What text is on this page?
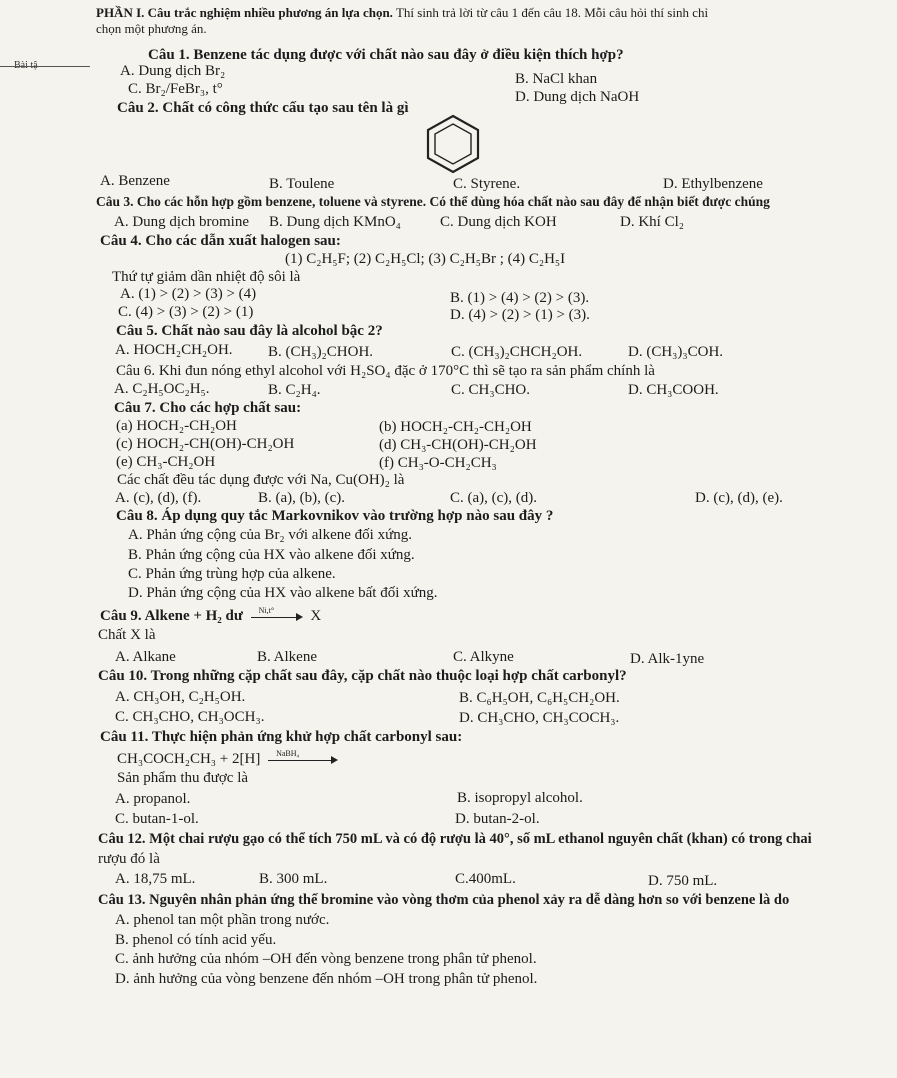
PHẦN I. Câu trắc nghiệm nhiều phương án lựa chọn. Thí sinh trả lời từ câu 1 đến câu 18. Mỗi câu hỏi thí sinh chỉ
chọn một phương án.
Bài tậ
Câu 1. Benzene tác dụng được với chất nào sau đây ở điều kiện thích hợp?
A. Dung dịch Br₂	B. NaCl khan
C. Br₂/FeBr₃, t°	D. Dung dịch NaOH
Câu 2. Chất có công thức cấu tạo sau tên là gì
A. Benzene	B. Toulene	C. Styrene.	D. Ethylbenzene
Câu 3. Cho các hỗn hợp gồm benzene, toluene và styrene. Có thể dùng hóa chất nào sau đây để nhận biết được chúng
A. Dung dịch bromine B. Dung dịch KMnO₄	C. Dung dịch KOH	D. Khí Cl₂
Câu 4. Cho các dẫn xuất halogen sau:
(1) C₂H₅F; (2) C₂H₅Cl; (3) C₂H₅Br ; (4) C₂H₅I
Thứ tự giảm dần nhiệt độ sôi là
A. (1) > (2) > (3) > (4)	B. (1) > (4) > (2) > (3).
C. (4) > (3) > (2) > (1)	D. (4) > (2) > (1) > (3).
Câu 5. Chất nào sau đây là alcohol bậc 2?
A. HOCH₂CH₂OH. B. (CH₃)₂CHOH.	C. (CH₃)₂CHCH₂OH.	D. (CH₃)₃COH.
Câu 6. Khi đun nóng ethyl alcohol với H₂SO₄ đặc ở 170°C thì sẽ tạo ra sản phẩm chính là
A. C₂H₅OC₂H₅.	B. C₂H₄.	C. CH₃CHO.	D. CH₃COOH.
Câu 7. Cho các hợp chất sau:
(a) HOCH₂-CH₂OH	(b) HOCH₂-CH₂-CH₂OH
(c) HOCH₂-CH(OH)-CH₂OH	(d) CH₃-CH(OH)-CH₂OH
(e) CH₃-CH₂OH	(f) CH₃-O-CH₂CH₃
Các chất đều tác dụng được với Na, Cu(OH)₂ là
A. (c), (d), (f).	B. (a), (b), (c).	C. (a), (c), (d).	D. (c), (d), (e).
Câu 8. Áp dụng quy tắc Markovnikov vào trường hợp nào sau đây ?
A. Phản ứng cộng của Br₂ với alkene đối xứng.
B. Phản ứng cộng của HX vào alkene đối xứng.
C. Phản ứng trùng hợp của alkene.
D. Phản ứng cộng của HX vào alkene bất đối xứng.
Câu 9. Alkene + H₂ dư Ni,t° X
Chất X là
A. Alkane	B. Alkene	C. Alkyne	D. Alk-1yne
Câu 10. Trong những cặp chất sau đây, cặp chất nào thuộc loại hợp chất carbonyl?
A. CH₃OH, C₂H₅OH.	B. C₆H₅OH, C₆H₅CH₂OH.
C. CH₃CHO, CH₃OCH₃.	D. CH₃CHO, CH₃COCH₃.
Câu 11. Thực hiện phản ứng khử hợp chất carbonyl sau:
CH₃COCH₂CH₃ + 2[H] NaBH₄
Sản phẩm thu được là
A. propanol.	B. isopropyl alcohol.
C. butan-1-ol.	D. butan-2-ol.
Câu 12. Một chai rượu gạo có thể tích 750 mL và có độ rượu là 40°, số mL ethanol nguyên chất (khan) có trong chai
rượu đó là
A. 18,75 mL.	B. 300 mL.	C.400mL.	D. 750 mL.
Câu 13. Nguyên nhân phản ứng thế bromine vào vòng thơm của phenol xảy ra dễ dàng hơn so với benzene là do
A. phenol tan một phần trong nước.
B. phenol có tính acid yếu.
C. ảnh hưởng của nhóm –OH đến vòng benzene trong phân tử phenol.
D. ảnh hưởng của vòng benzene đến nhóm –OH trong phân tử phenol.
